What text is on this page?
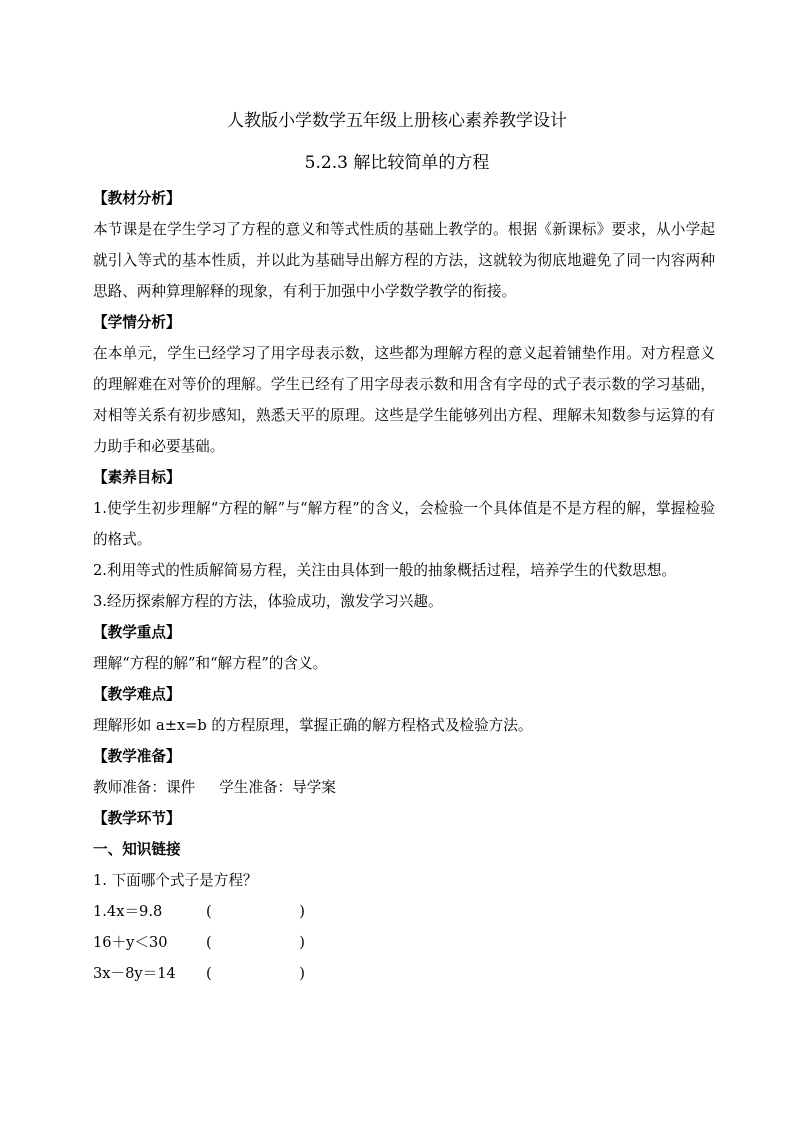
人教版小学数学五年级上册核心素养教学设计
5.2.3 解比较简单的方程
【教材分析】
本节课是在学生学习了方程的意义和等式性质的基础上教学的。根据《新课标》要求，从小学起就引入等式的基本性质，并以此为基础导出解方程的方法，这就较为彻底地避免了同一内容两种思路、两种算理解释的现象，有利于加强中小学数学教学的衔接。
【学情分析】
在本单元，学生已经学习了用字母表示数，这些都为理解方程的意义起着铺垫作用。对方程意义的理解难在对等价的理解。学生已经有了用字母表示数和用含有字母的式子表示数的学习基础，对相等关系有初步感知，熟悉天平的原理。这些是学生能够列出方程、理解未知数参与运算的有力助手和必要基础。
【素养目标】
1.使学生初步理解“方程的解”与“解方程”的含义，会检验一个具体值是不是方程的解，掌握检验的格式。
2.利用等式的性质解简易方程，关注由具体到一般的抽象概括过程，培养学生的代数思想。
3.经历探索解方程的方法，体验成功，激发学习兴趣。
【教学重点】
理解“方程的解”和“解方程”的含义。
【教学难点】
理解形如 a±x=b 的方程原理，掌握正确的解方程格式及检验方法。
【教学准备】
教师准备：课件 学生准备：导学案
【教学环节】
一、知识链接
1. 下面哪个式子是方程？
1.4x＝9.8	(　　　　　　)
16＋y＜30	(　　　　　　)
3x－8y＝14 (　　　　　　)
